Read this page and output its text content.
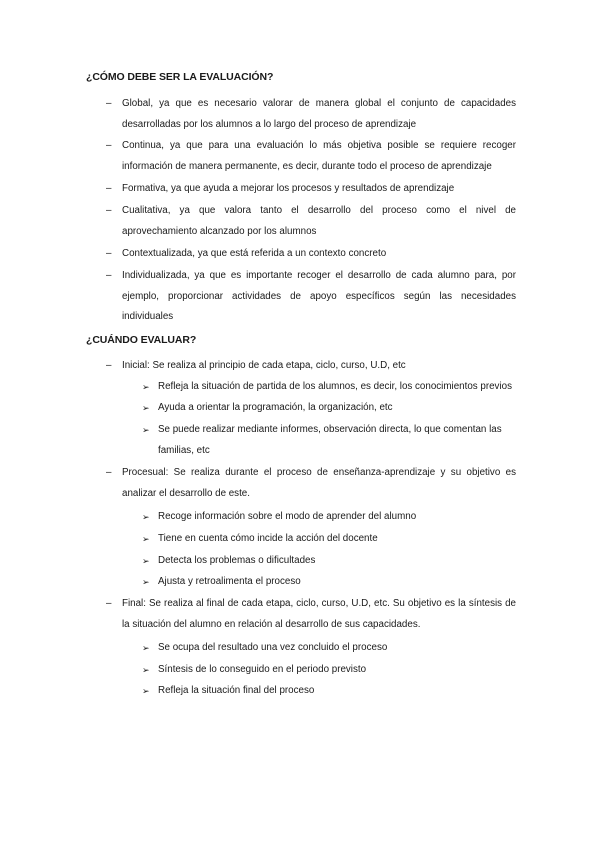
¿CÓMO DEBE SER LA EVALUACIÓN?
–	Global, ya que es necesario valorar de manera global el conjunto de capacidades desarrolladas por los alumnos a lo largo del proceso de aprendizaje
–	Continua, ya que para una evaluación lo más objetiva posible se requiere recoger información de manera permanente, es decir, durante todo el proceso de aprendizaje
–	Formativa, ya que ayuda a mejorar los procesos y resultados de aprendizaje
–	Cualitativa, ya que valora tanto el desarrollo del proceso como el nivel de aprovechamiento alcanzado por los alumnos
–	Contextualizada, ya que está referida a un contexto concreto
–	Individualizada, ya que es importante recoger el desarrollo de cada alumno para, por ejemplo, proporcionar actividades de apoyo específicos según las necesidades individuales
¿CUÁNDO EVALUAR?
–	Inicial: Se realiza al principio de cada etapa, ciclo, curso, U.D, etc
➢ Refleja la situación de partida de los alumnos, es decir, los conocimientos previos
➢ Ayuda a orientar la programación, la organización, etc
➢ Se puede realizar mediante informes, observación directa, lo que comentan las familias, etc
–	Procesual: Se realiza durante el proceso de enseñanza-aprendizaje y su objetivo es analizar el desarrollo de este.
➢ Recoge información sobre el modo de aprender del alumno
➢ Tiene en cuenta cómo incide la acción del docente
➢ Detecta los problemas o dificultades
➢ Ajusta y retroalimenta el proceso
–	Final: Se realiza al final de cada etapa, ciclo, curso, U.D, etc. Su objetivo es la síntesis de la situación del alumno en relación al desarrollo de sus capacidades.
➢ Se ocupa del resultado una vez concluido el proceso
➢ Síntesis de lo conseguido en el periodo previsto
➢ Refleja la situación final del proceso
